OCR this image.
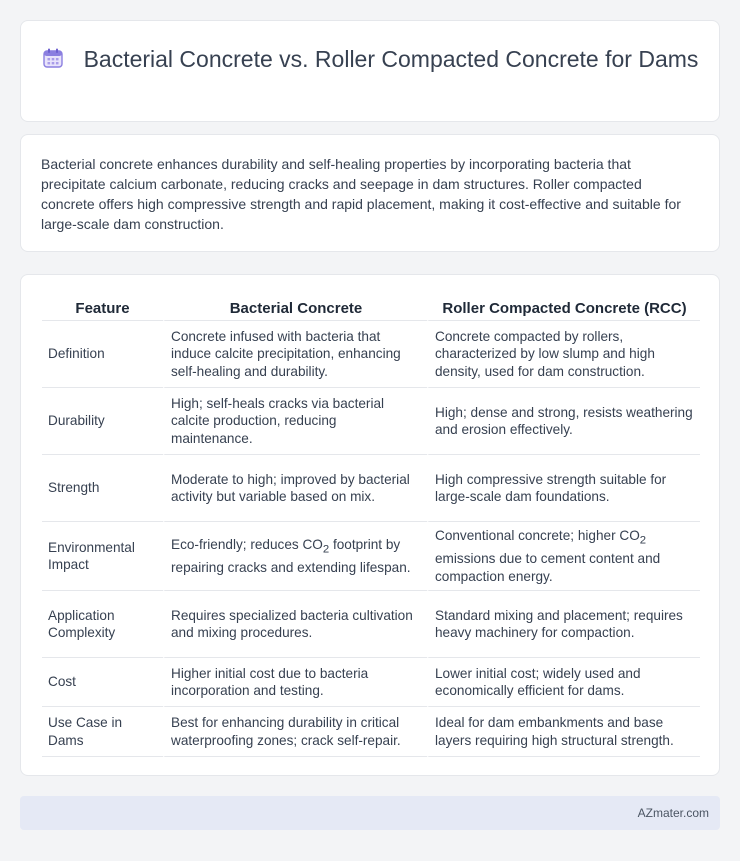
Bacterial Concrete vs. Roller Compacted Concrete for Dams

Bacterial concrete enhances durability and self-healing properties by incorporating bacteria that precipitate calcium carbonate, reducing cracks and seepage in dam structures. Roller compacted concrete offers high compressive strength and rapid placement, making it cost-effective and suitable for large-scale dam construction.

Feature	Bacterial Concrete	Roller Compacted Concrete (RCC)
Definition	Concrete infused with bacteria that induce calcite precipitation, enhancing self-healing and durability.	Concrete compacted by rollers, characterized by low slump and high density, used for dam construction.
Durability	High; self-heals cracks via bacterial calcite production, reducing maintenance.	High; dense and strong, resists weathering and erosion effectively.
Strength	Moderate to high; improved by bacterial activity but variable based on mix.	High compressive strength suitable for large-scale dam foundations.
Environmental Impact	Eco-friendly; reduces $CO_2$ footprint by repairing cracks and extending lifespan.	Conventional concrete; higher $CO_2$ emissions due to cement content and compaction energy.
Application Complexity	Requires specialized bacteria cultivation and mixing procedures.	Standard mixing and placement; requires heavy machinery for compaction.
Cost	Higher initial cost due to bacteria incorporation and testing.	Lower initial cost; widely used and economically efficient for dams.
Use Case in Dams	Best for enhancing durability in critical waterproofing zones; crack self-repair.	Ideal for dam embankments and base layers requiring high structural strength.
AZmater.com
